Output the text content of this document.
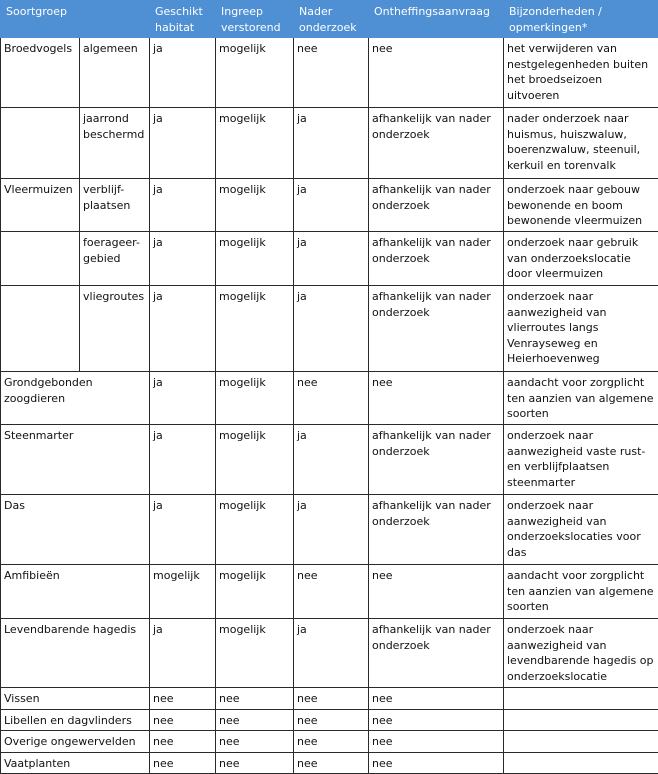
Soortgroep		Geschikt habitat	Ingreep verstorend	Nader onderzoek	Ontheffingsaanvraag	Bijzonderheden / opmerkingen*
Broedvogels	algemeen	ja	mogelijk	nee	nee	het verwijderen van nestgelegenheden buiten het broedseizoen uitvoeren
	jaarrond beschermd	ja	mogelijk	ja	afhankelijk van nader onderzoek	nader onderzoek naar huismus, huiszwaluw, boerenzwaluw, steenuil, kerkuil en torenvalk
Vleermuizen	verblijf-plaatsen	ja	mogelijk	ja	afhankelijk van nader onderzoek	onderzoek naar gebouw bewonende en boom bewonende vleermuizen
	foerageer-gebied	ja	mogelijk	ja	afhankelijk van nader onderzoek	onderzoek naar gebruik van onderzoekslocatie door vleermuizen
	vliegroutes	ja	mogelijk	ja	afhankelijk van nader onderzoek	onderzoek naar aanwezigheid van vlierroutes langs Venrayseweg en Heierhoevenweg
Grondgebonden zoogdieren		ja	mogelijk	nee	nee	aandacht voor zorgplicht ten aanzien van algemene soorten
Steenmarter		ja	mogelijk	ja	afhankelijk van nader onderzoek	onderzoek naar aanwezigheid vaste rust- en verblijfplaatsen steenmarter
Das		ja	mogelijk	ja	afhankelijk van nader onderzoek	onderzoek naar aanwezigheid van onderzoekslocaties voor das
Amfibieën		mogelijk	mogelijk	nee	nee	aandacht voor zorgplicht ten aanzien van algemene soorten
Levendbarende hagedis		ja	mogelijk	ja	afhankelijk van nader onderzoek	onderzoek naar aanwezigheid van levendbarende hagedis op onderzoekslocatie
Vissen		nee	nee	nee	nee	
Libellen en dagvlinders		nee	nee	nee	nee	
Overige ongewervelden		nee	nee	nee	nee	
Vaatplanten		nee	nee	nee	nee	
